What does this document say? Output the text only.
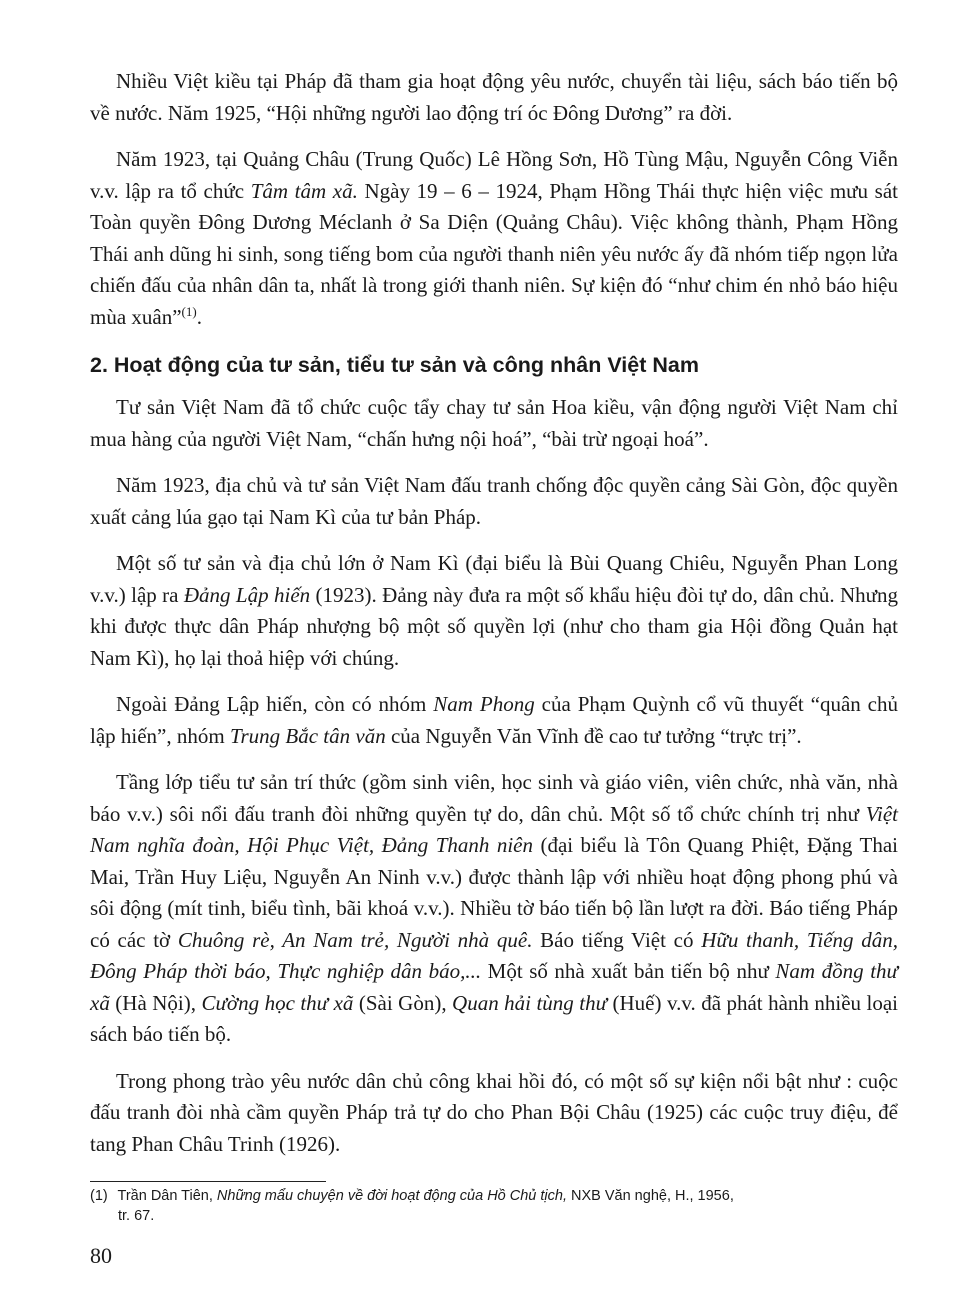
Nhiều Việt kiều tại Pháp đã tham gia hoạt động yêu nước, chuyển tài liệu, sách báo tiến bộ về nước. Năm 1925, “Hội những người lao động trí óc Đông Dương” ra đời.

Năm 1923, tại Quảng Châu (Trung Quốc) Lê Hồng Sơn, Hồ Tùng Mậu, Nguyễn Công Viễn v.v. lập ra tổ chức Tâm tâm xã. Ngày 19 – 6 – 1924, Phạm Hồng Thái thực hiện việc mưu sát Toàn quyền Đông Dương Méclanh ở Sa Diện (Quảng Châu). Việc không thành, Phạm Hồng Thái anh dũng hi sinh, song tiếng bom của người thanh niên yêu nước ấy đã nhóm tiếp ngọn lửa chiến đấu của nhân dân ta, nhất là trong giới thanh niên. Sự kiện đó “như chim én nhỏ báo hiệu mùa xuân”$^{(1)}$.

2. Hoạt động của tư sản, tiểu tư sản và công nhân Việt Nam

Tư sản Việt Nam đã tổ chức cuộc tẩy chay tư sản Hoa kiều, vận động người Việt Nam chỉ mua hàng của người Việt Nam, “chấn hưng nội hoá”, “bài trừ ngoại hoá”.

Năm 1923, địa chủ và tư sản Việt Nam đấu tranh chống độc quyền cảng Sài Gòn, độc quyền xuất cảng lúa gạo tại Nam Kì của tư bản Pháp.

Một số tư sản và địa chủ lớn ở Nam Kì (đại biểu là Bùi Quang Chiêu, Nguyễn Phan Long v.v.) lập ra Đảng Lập hiến (1923). Đảng này đưa ra một số khẩu hiệu đòi tự do, dân chủ. Nhưng khi được thực dân Pháp nhượng bộ một số quyền lợi (như cho tham gia Hội đồng Quản hạt Nam Kì), họ lại thoả hiệp với chúng.

Ngoài Đảng Lập hiến, còn có nhóm Nam Phong của Phạm Quỳnh cổ vũ thuyết “quân chủ lập hiến”, nhóm Trung Bắc tân văn của Nguyễn Văn Vĩnh đề cao tư tưởng “trực trị”.

Tầng lớp tiểu tư sản trí thức (gồm sinh viên, học sinh và giáo viên, viên chức, nhà văn, nhà báo v.v.) sôi nổi đấu tranh đòi những quyền tự do, dân chủ. Một số tổ chức chính trị như Việt Nam nghĩa đoàn, Hội Phục Việt, Đảng Thanh niên (đại biểu là Tôn Quang Phiệt, Đặng Thai Mai, Trần Huy Liệu, Nguyễn An Ninh v.v.) được thành lập với nhiều hoạt động phong phú và sôi động (mít tinh, biểu tình, bãi khoá v.v.). Nhiều tờ báo tiến bộ lần lượt ra đời. Báo tiếng Pháp có các tờ Chuông rè, An Nam trẻ, Người nhà quê. Báo tiếng Việt có Hữu thanh, Tiếng dân, Đông Pháp thời báo, Thực nghiệp dân báo,... Một số nhà xuất bản tiến bộ như Nam đồng thư xã (Hà Nội), Cường học thư xã (Sài Gòn), Quan hải tùng thư (Huế) v.v. đã phát hành nhiều loại sách báo tiến bộ.

Trong phong trào yêu nước dân chủ công khai hồi đó, có một số sự kiện nổi bật như : cuộc đấu tranh đòi nhà cầm quyền Pháp trả tự do cho Phan Bội Châu (1925) các cuộc truy điệu, để tang Phan Châu Trinh (1926).

(1) Trần Dân Tiên, Những mẩu chuyện về đời hoạt động của Hồ Chủ tịch, NXB Văn nghệ, H., 1956,
tr. 67.
80
